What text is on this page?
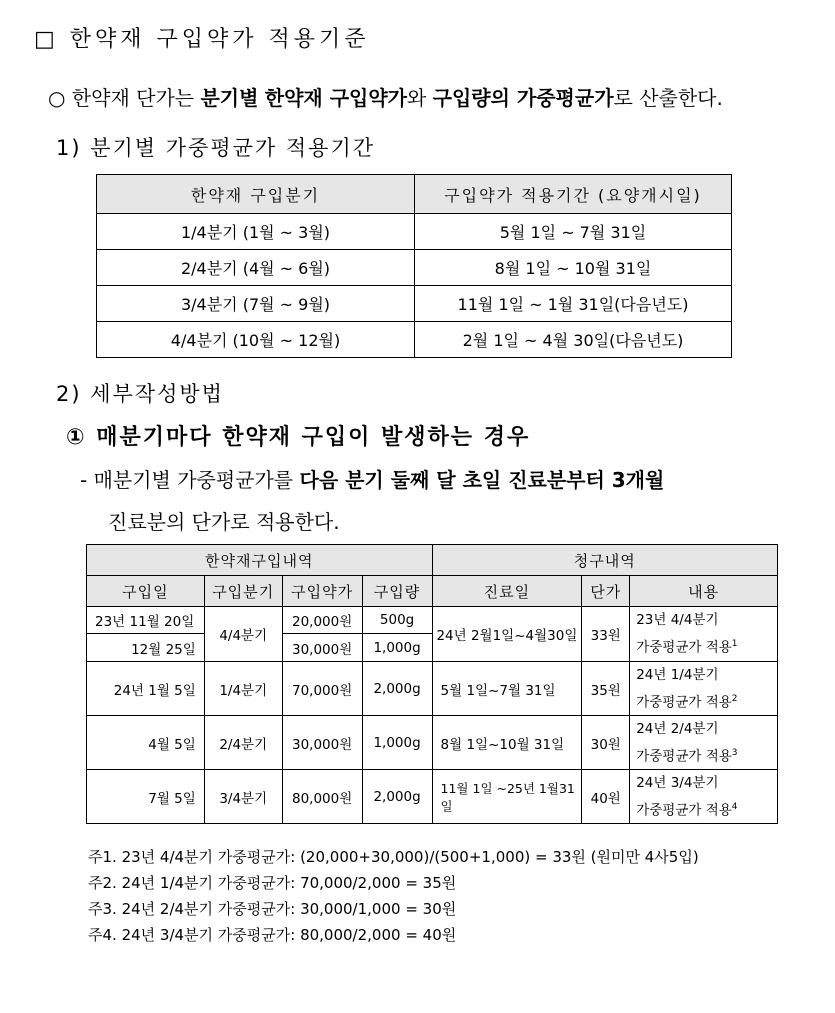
□ 한약재 구입약가 적용기준
○ 한약재 단가는 분기별 한약재 구입약가와 구입량의 가중평균가로 산출한다.
1) 분기별 가중평균가 적용기간
한약재 구입분기	구입약가 적용기간 (요양개시일)
1/4분기 (1월 ~ 3월)	5월 1일 ~ 7월 31일
2/4분기 (4월 ~ 6월)	8월 1일 ~ 10월 31일
3/4분기 (7월 ~ 9월)	11월 1일 ~ 1월 31일(다음년도)
4/4분기 (10월 ~ 12월)	2월 1일 ~ 4월 30일(다음년도)
2) 세부작성방법
① 매분기마다 한약재 구입이 발생하는 경우
- 매분기별 가중평균가를 다음 분기 둘째 달 초일 진료분부터 3개월
진료분의 단가로 적용한다.
한약재구입내역				청구내역		
구입일	구입분기	구입약가	구입량	진료일	단가	내용
23년 11월 20일	4/4분기	20,000원	500g	24년 2월1일~4월30일	33원	23년 4/4분기
가중평균가 적용$^1$
12월 25일		30,000원	1,000g			
24년 1월 5일	1/4분기	70,000원	2,000g	5월 1일~7월 31일	35원	24년 1/4분기
가중평균가 적용$^2$
4월 5일	2/4분기	30,000원	1,000g	8월 1일~10월 31일	30원	24년 2/4분기
가중평균가 적용$^3$
7월 5일	3/4분기	80,000원	2,000g	11월 1일 ~25년 1월31일	40원	24년 3/4분기
가중평균가 적용$^4$
주1. 23년 4/4분기 가중평균가: (20,000+30,000)/(500+1,000) = 33원 (원미만 4사5입)
주2. 24년 1/4분기 가중평균가: 70,000/2,000 = 35원
주3. 24년 2/4분기 가중평균가: 30,000/1,000 = 30원
주4. 24년 3/4분기 가중평균가: 80,000/2,000 = 40원
